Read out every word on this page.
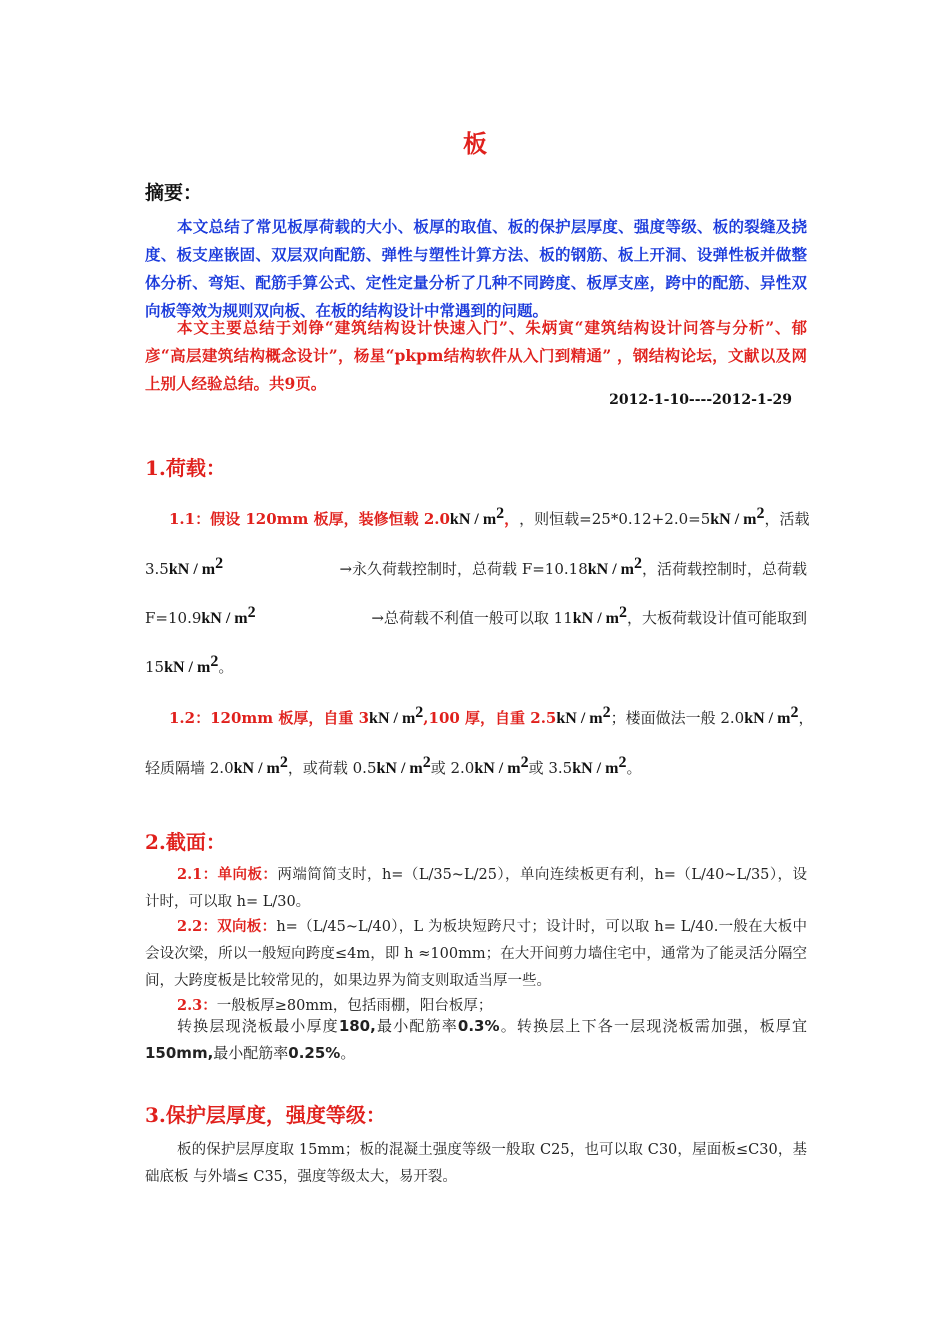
板
摘要：
本文总结了常见板厚荷载的大小、板厚的取值、板的保护层厚度、强度等级、板的裂缝及挠度、板支座嵌固、双层双向配筋、弹性与塑性计算方法、板的钢筋、板上开洞、设弹性板并做整体分析、弯矩、配筋手算公式、定性定量分析了几种不同跨度、板厚支座，跨中的配筋、异性双向板等效为规则双向板、在板的结构设计中常遇到的问题。
本文主要总结于刘铮“建筑结构设计快速入门”、朱炳寅“建筑结构设计问答与分析”、郁彦“高层建筑结构概念设计”，杨星“pkpm结构软件从入门到精通” ，钢结构论坛，文献以及网上别人经验总结。共9页。
2012-1-10----2012-1-29
1.荷载：
1.1：假设 120mm 板厚，装修恒载 $2.0kN / m^2$， ，则恒载$=25*0.12+2.0=5kN / m^2$，活载
$3.5kN / m^2$	→永久荷载控制时，总荷载 $F=10.18kN / m^2$，活荷载控制时，总荷载
$F=10.9kN / m^2$	→总荷载不利值一般可以取 $11kN / m^2$，大板荷载设计值可能取到
$15kN / m^2$。
1.2：120mm 板厚，自重 $3kN / m^2,100$ 厚，自重 $2.5kN / m^2$ ；楼面做法一般 $2.0kN / m^2$，
轻质隔墙 $2.0kN / m^2$，或荷载 $0.5kN / m^2$或 $2.0kN / m^2$或 $3.5kN / m^2$。
2.截面：
2.1：单向板：两端简简支时，h=（L/35~L/25），单向连续板更有利，h=（L/40~L/35），设计时，可以取 h= L/30。
2.2：双向板：h=（L/45~L/40），L 为板块短跨尺寸；设计时，可以取 h= L/40.一般在大板中会设次梁，所以一般短向跨度≤4m，即 h ≈100mm；在大开间剪力墙住宅中，通常为了能灵活分隔空间，大跨度板是比较常见的，如果边界为简支则取适当厚一些。
2.3：一般板厚≥80mm，包括雨棚，阳台板厚；
转换层现浇板最小厚度180,最小配筋率0.3%。转换层上下各一层现浇板需加强，板厚宜150mm,最小配筋率0.25%。
3.保护层厚度，强度等级：
板的保护层厚度取 15mm；板的混凝土强度等级一般取 C25，也可以取 C30，屋面板≤C30，基础底板 与外墙≤ C35，强度等级太大，易开裂。
